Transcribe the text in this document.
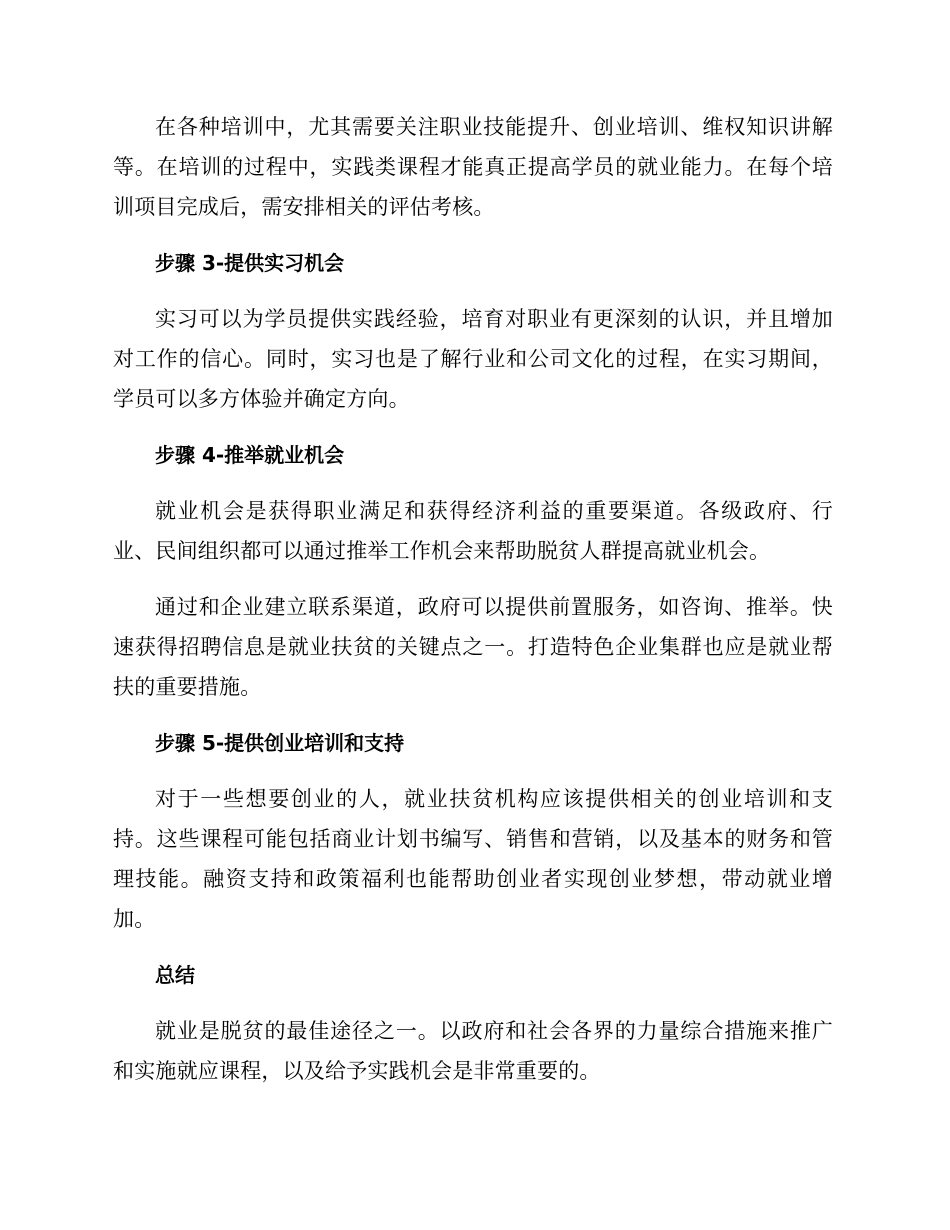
在各种培训中，尤其需要关注职业技能提升、创业培训、维权知识讲解等。在培训的过程中，实践类课程才能真正提高学员的就业能力。在每个培训项目完成后，需安排相关的评估考核。

步骤 3-提供实习机会

实习可以为学员提供实践经验，培育对职业有更深刻的认识，并且增加对工作的信心。同时，实习也是了解行业和公司文化的过程，在实习期间，学员可以多方体验并确定方向。

步骤 4-推举就业机会

就业机会是获得职业满足和获得经济利益的重要渠道。各级政府、行业、民间组织都可以通过推举工作机会来帮助脱贫人群提高就业机会。

通过和企业建立联系渠道，政府可以提供前置服务，如咨询、推举。快速获得招聘信息是就业扶贫的关键点之一。打造特色企业集群也应是就业帮扶的重要措施。

步骤 5-提供创业培训和支持

对于一些想要创业的人，就业扶贫机构应该提供相关的创业培训和支持。这些课程可能包括商业计划书编写、销售和营销，以及基本的财务和管理技能。融资支持和政策福利也能帮助创业者实现创业梦想，带动就业增加。

总结

就业是脱贫的最佳途径之一。以政府和社会各界的力量综合措施来推广和实施就应课程，以及给予实践机会是非常重要的。
